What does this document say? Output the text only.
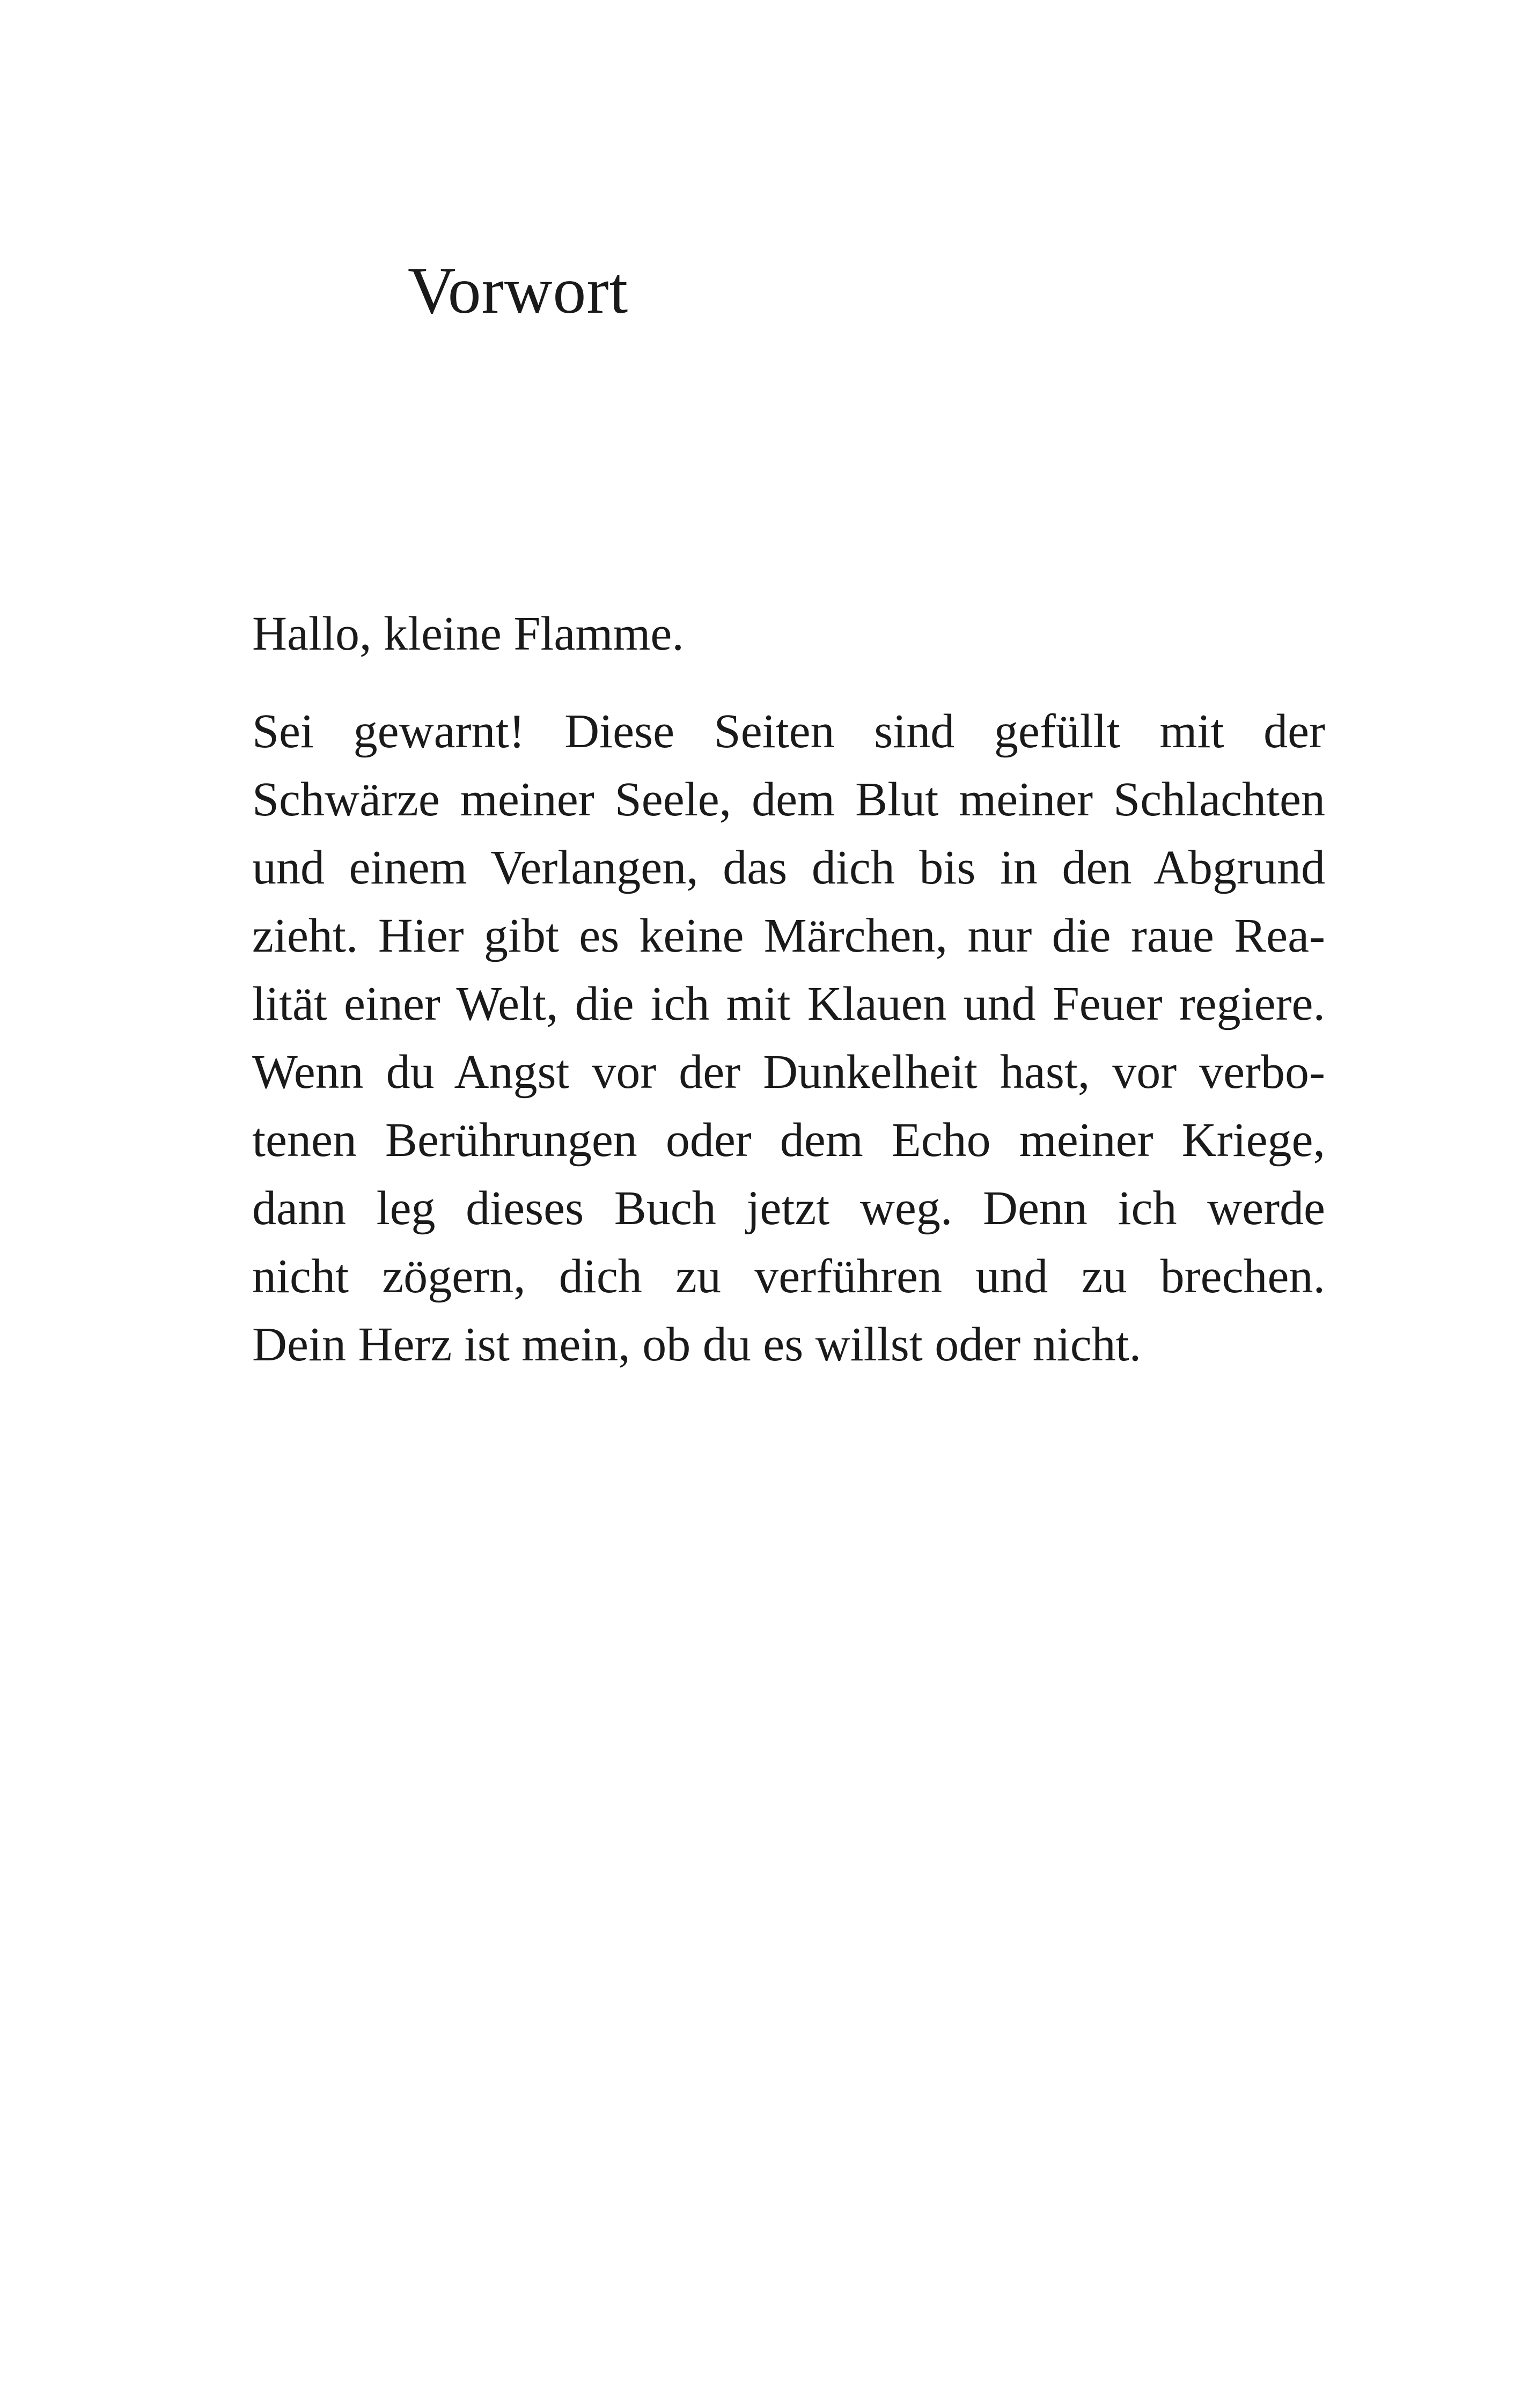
Vorwort

Hallo, kleine Flamme.

Sei gewarnt! Diese Seiten sind gefüllt mit der
Schwärze meiner Seele, dem Blut meiner Schlachten
und einem Verlangen, das dich bis in den Abgrund
zieht. Hier gibt es keine Märchen, nur die raue Rea-
lität einer Welt, die ich mit Klauen und Feuer regiere.
Wenn du Angst vor der Dunkelheit hast, vor verbo-
tenen Berührungen oder dem Echo meiner Kriege,
dann leg dieses Buch jetzt weg. Denn ich werde
nicht zögern, dich zu verführen und zu brechen.
Dein Herz ist mein, ob du es willst oder nicht.
